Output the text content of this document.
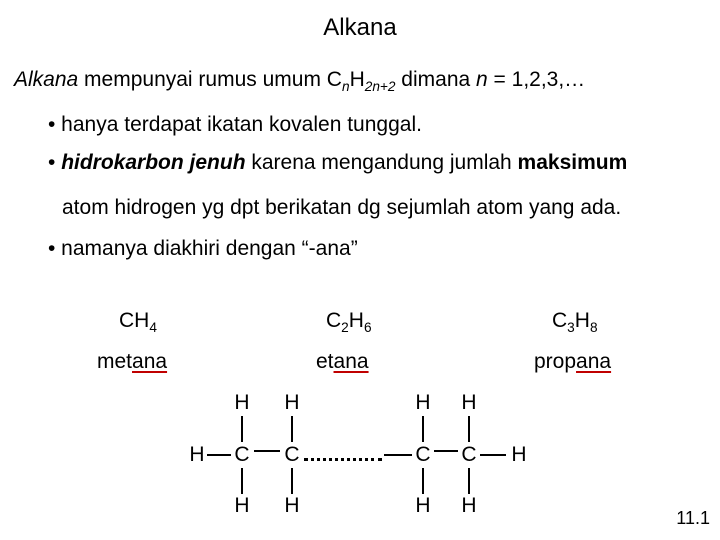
Alkana
Alkana mempunyai rumus umum $C_nH_{2n+2}$ dimana n = 1,2,3,…
• hanya terdapat ikatan kovalen tunggal.
• hidrokarbon jenuh karena mengandung jumlah maksimum
atom hidrogen yg dpt berikatan dg sejumlah atom yang ada.
• namanya diakhiri dengan “-ana”
$CH_4$	$C_2H_6$	$C_3H_8$
metana	etana	propana
H H	H H
H C C	C C H
H H	H H
11.1
